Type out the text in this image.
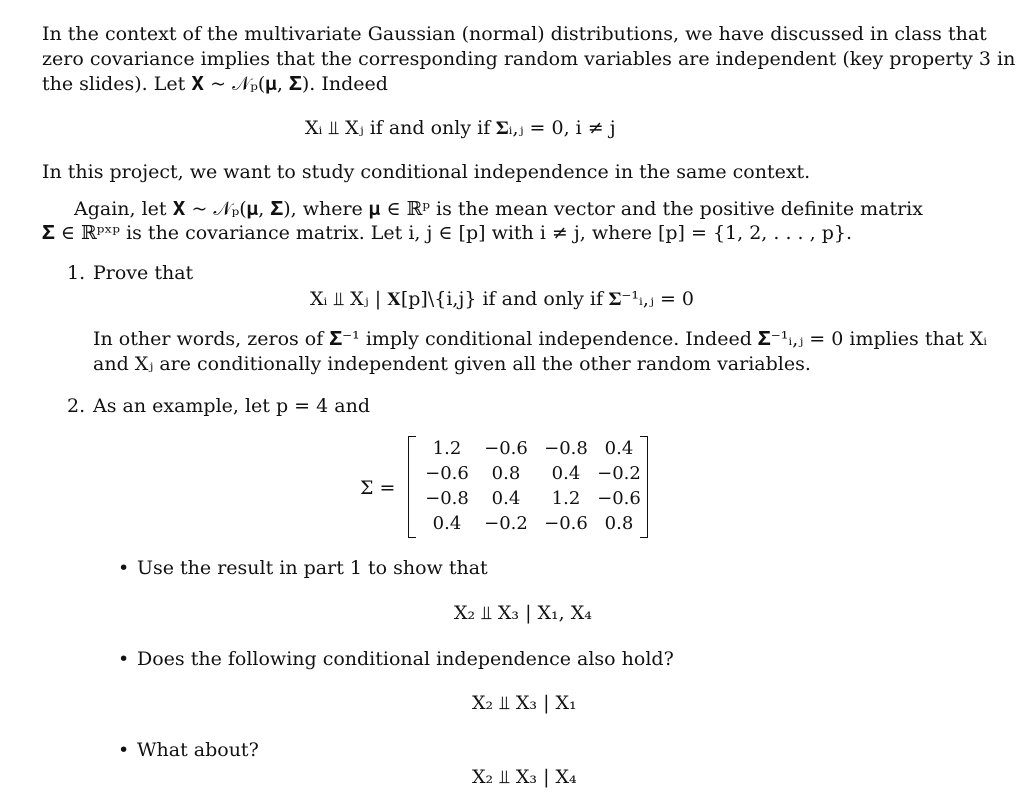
In the context of the multivariate Gaussian (normal) distributions, we have discussed in class that
zero covariance implies that the corresponding random variables are independent (key property 3 in
the slides). Let 𝐗 ~ 𝒩ₚ(𝛍, 𝚺). Indeed
Xᵢ ⫫ Xⱼ if and only if 𝚺ᵢ,ⱼ = 0, i ≠ j
In this project, we want to study conditional independence in the same context.
Again, let 𝐗 ~ 𝒩ₚ(𝛍, 𝚺), where 𝛍 ∈ ℝᵖ is the mean vector and the positive definite matrix
𝚺 ∈ ℝᵖˣᵖ is the covariance matrix. Let i, j ∈ [p] with i ≠ j, where [p] = {1, 2, . . . , p}.
1. Prove that
Xᵢ ⫫ Xⱼ | 𝐗[p]\{i,j} if and only if 𝚺⁻¹ᵢ,ⱼ = 0
In other words, zeros of 𝚺⁻¹ imply conditional independence. Indeed 𝚺⁻¹ᵢ,ⱼ = 0 implies that Xᵢ
and Xⱼ are conditionally independent given all the other random variables.
2. As an example, let p = 4 and
Σ =
1.2 −0.6 −0.8 0.4
−0.6 0.8 0.4 −0.2
−0.8 0.4 1.2 −0.6
0.4 −0.2 −0.6 0.8
• Use the result in part 1 to show that
X₂ ⫫ X₃ | X₁, X₄
• Does the following conditional independence also hold?
X₂ ⫫ X₃ | X₁
• What about?
X₂ ⫫ X₃ | X₄
